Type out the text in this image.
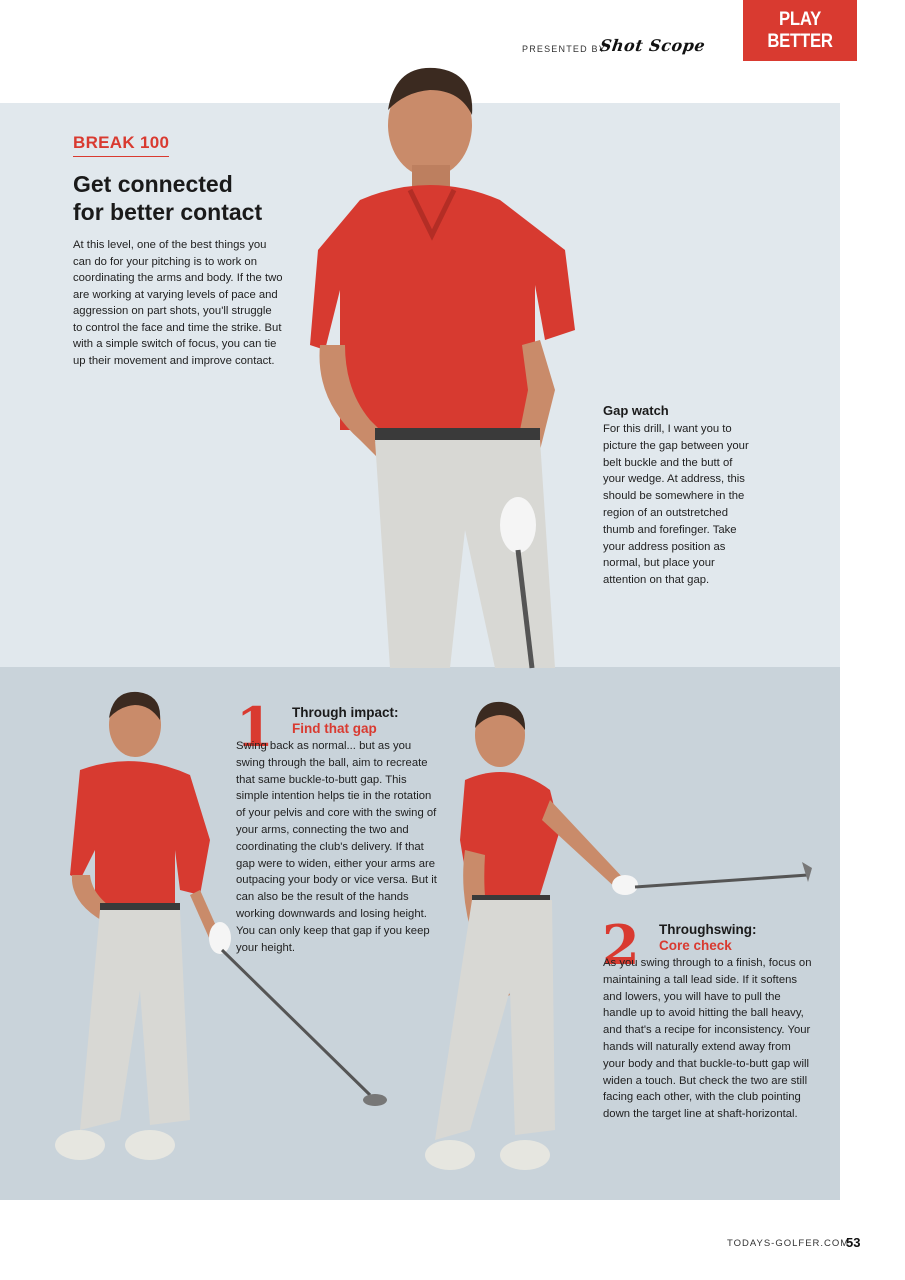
PRESENTED BY
Shot Scope
PLAY BETTER
BREAK 100
Get connected
for better contact
At this level, one of the best things you can do for your pitching is to work on coordinating the arms and body. If the two are working at varying levels of pace and aggression on part shots, you'll struggle to control the face and time the strike. But with a simple switch of focus, you can tie up their movement and improve contact.
Gap watch
For this drill, I want you to picture the gap between your belt buckle and the butt of your wedge. At address, this should be somewhere in the region of an outstretched thumb and forefinger. Take your address position as normal, but place your attention on that gap.
1 Through impact:
Find that gap
Swing back as normal... but as you swing through the ball, aim to recreate that same buckle-to-butt gap. This simple intention helps tie in the rotation of your pelvis and core with the swing of your arms, connecting the two and coordinating the club's delivery. If that gap were to widen, either your arms are outpacing your body or vice versa. But it can also be the result of the hands working downwards and losing height. You can only keep that gap if you keep your height.	2 Throughswing:
Core check
As you swing through to a finish, focus on maintaining a tall lead side. If it softens and lowers, you will have to pull the handle up to avoid hitting the ball heavy, and that's a recipe for inconsistency. Your hands will naturally extend away from your body and that buckle-to-butt gap will widen a touch. But check the two are still facing each other, with the club pointing down the target line at shaft-horizontal.
TODAYS-GOLFER.COM
53
